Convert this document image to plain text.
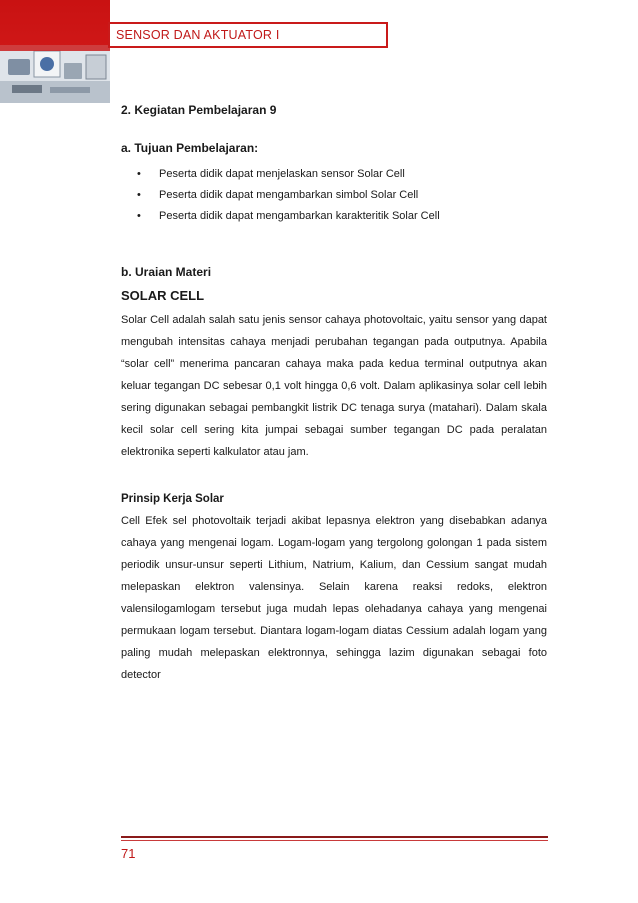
SENSOR DAN AKTUATOR I

2. Kegiatan Pembelajaran 9

a. Tujuan Pembelajaran:

•	Peserta didik dapat menjelaskan sensor Solar Cell
•	Peserta didik dapat mengambarkan simbol Solar Cell
•	Peserta didik dapat mengambarkan karakteritik Solar Cell

b. Uraian Materi

SOLAR CELL

Solar Cell adalah salah satu jenis sensor cahaya photovoltaic, yaitu sensor yang dapat mengubah intensitas cahaya menjadi perubahan tegangan pada outputnya. Apabila “solar cell” menerima pancaran cahaya maka pada kedua terminal outputnya akan keluar tegangan DC sebesar 0,1 volt hingga 0,6 volt. Dalam aplikasinya solar cell lebih sering digunakan sebagai pembangkit listrik DC tenaga surya (matahari). Dalam skala kecil solar cell sering kita jumpai sebagai sumber tegangan DC pada peralatan elektronika seperti kalkulator atau jam.

Prinsip Kerja Solar

Cell Efek sel photovoltaik terjadi akibat lepasnya elektron yang disebabkan adanya cahaya yang mengenai logam. Logam-logam yang tergolong golongan 1 pada sistem periodik unsur-unsur seperti Lithium, Natrium, Kalium, dan Cessium sangat mudah melepaskan elektron valensinya. Selain karena reaksi redoks, elektron valensilogamlogam tersebut juga mudah lepas olehadanya cahaya yang mengenai permukaan logam tersebut. Diantara logam-logam diatas Cessium adalah logam yang paling mudah melepaskan elektronnya, sehingga lazim digunakan sebagai foto detector

71
